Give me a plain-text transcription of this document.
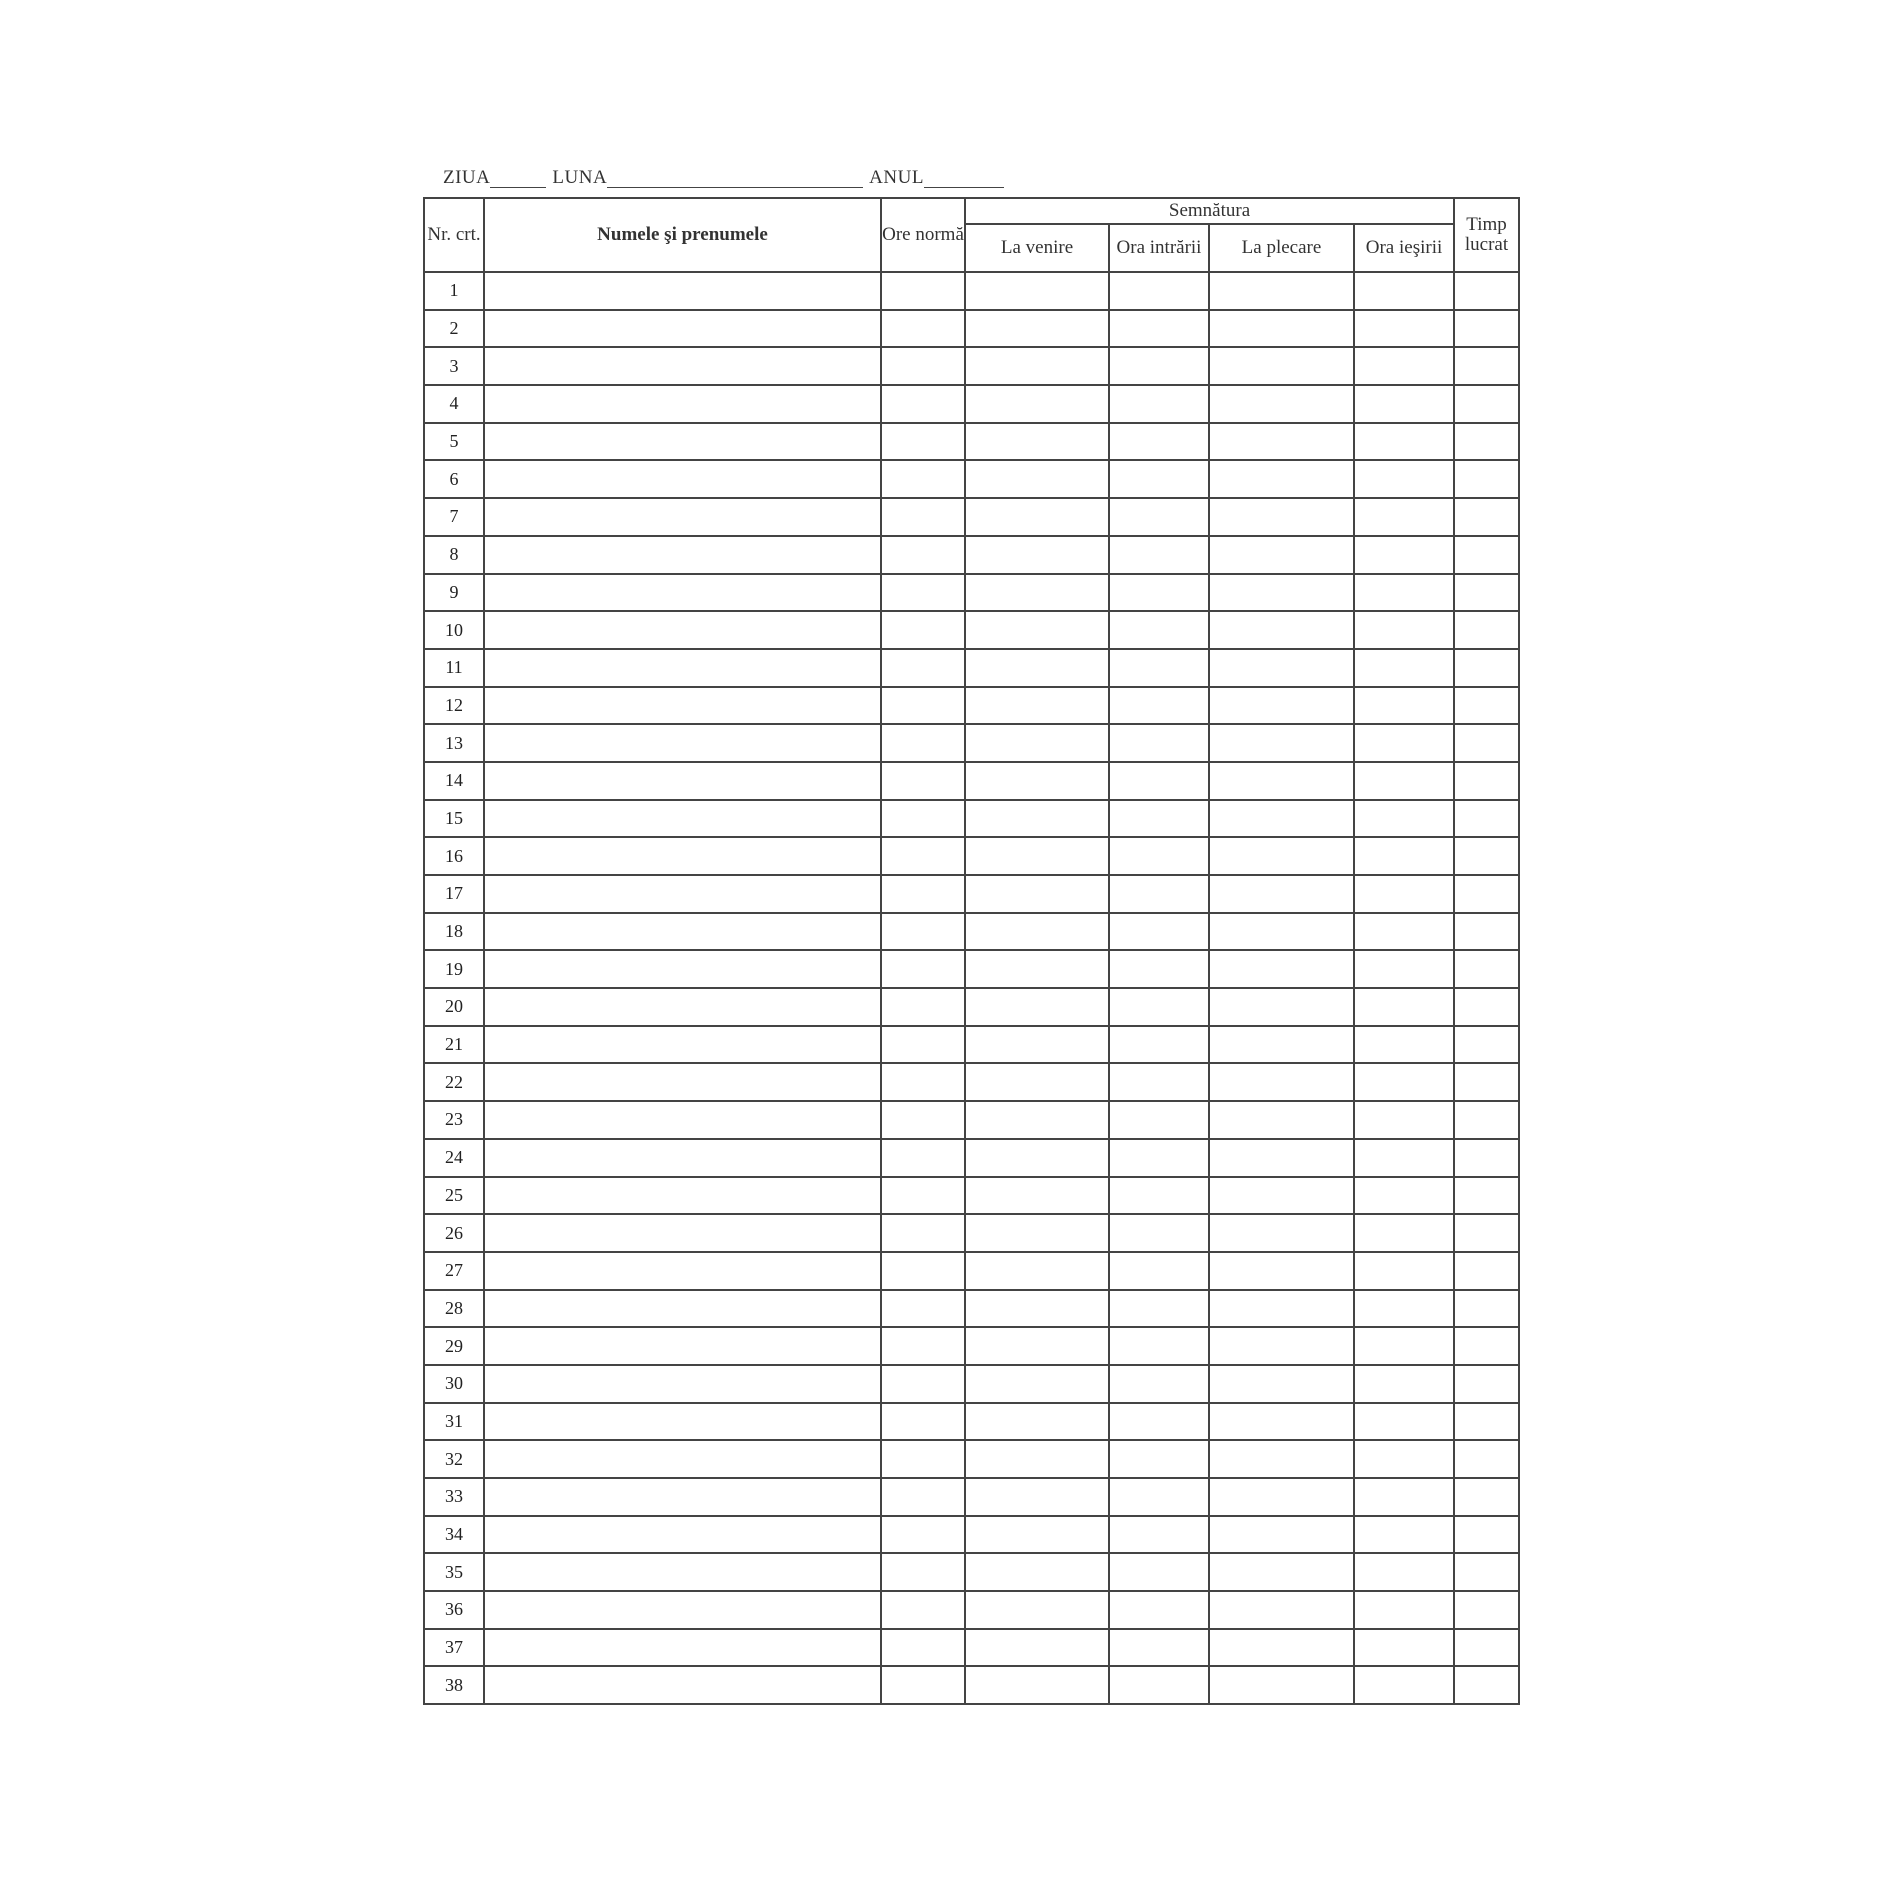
ZIUA	LUNA	ANUL
Nr. crt.	Numele şi prenumele	Ore normă	Semnătura				Timp lucrat
			La venire	Ora intrării	La plecare	Ora ieşirii	
1							
2							
3							
4							
5							
6							
7							
8							
9							
10							
11							
12							
13							
14							
15							
16							
17							
18							
19							
20							
21							
22							
23							
24							
25							
26							
27							
28							
29							
30							
31							
32							
33							
34							
35							
36							
37							
38							
